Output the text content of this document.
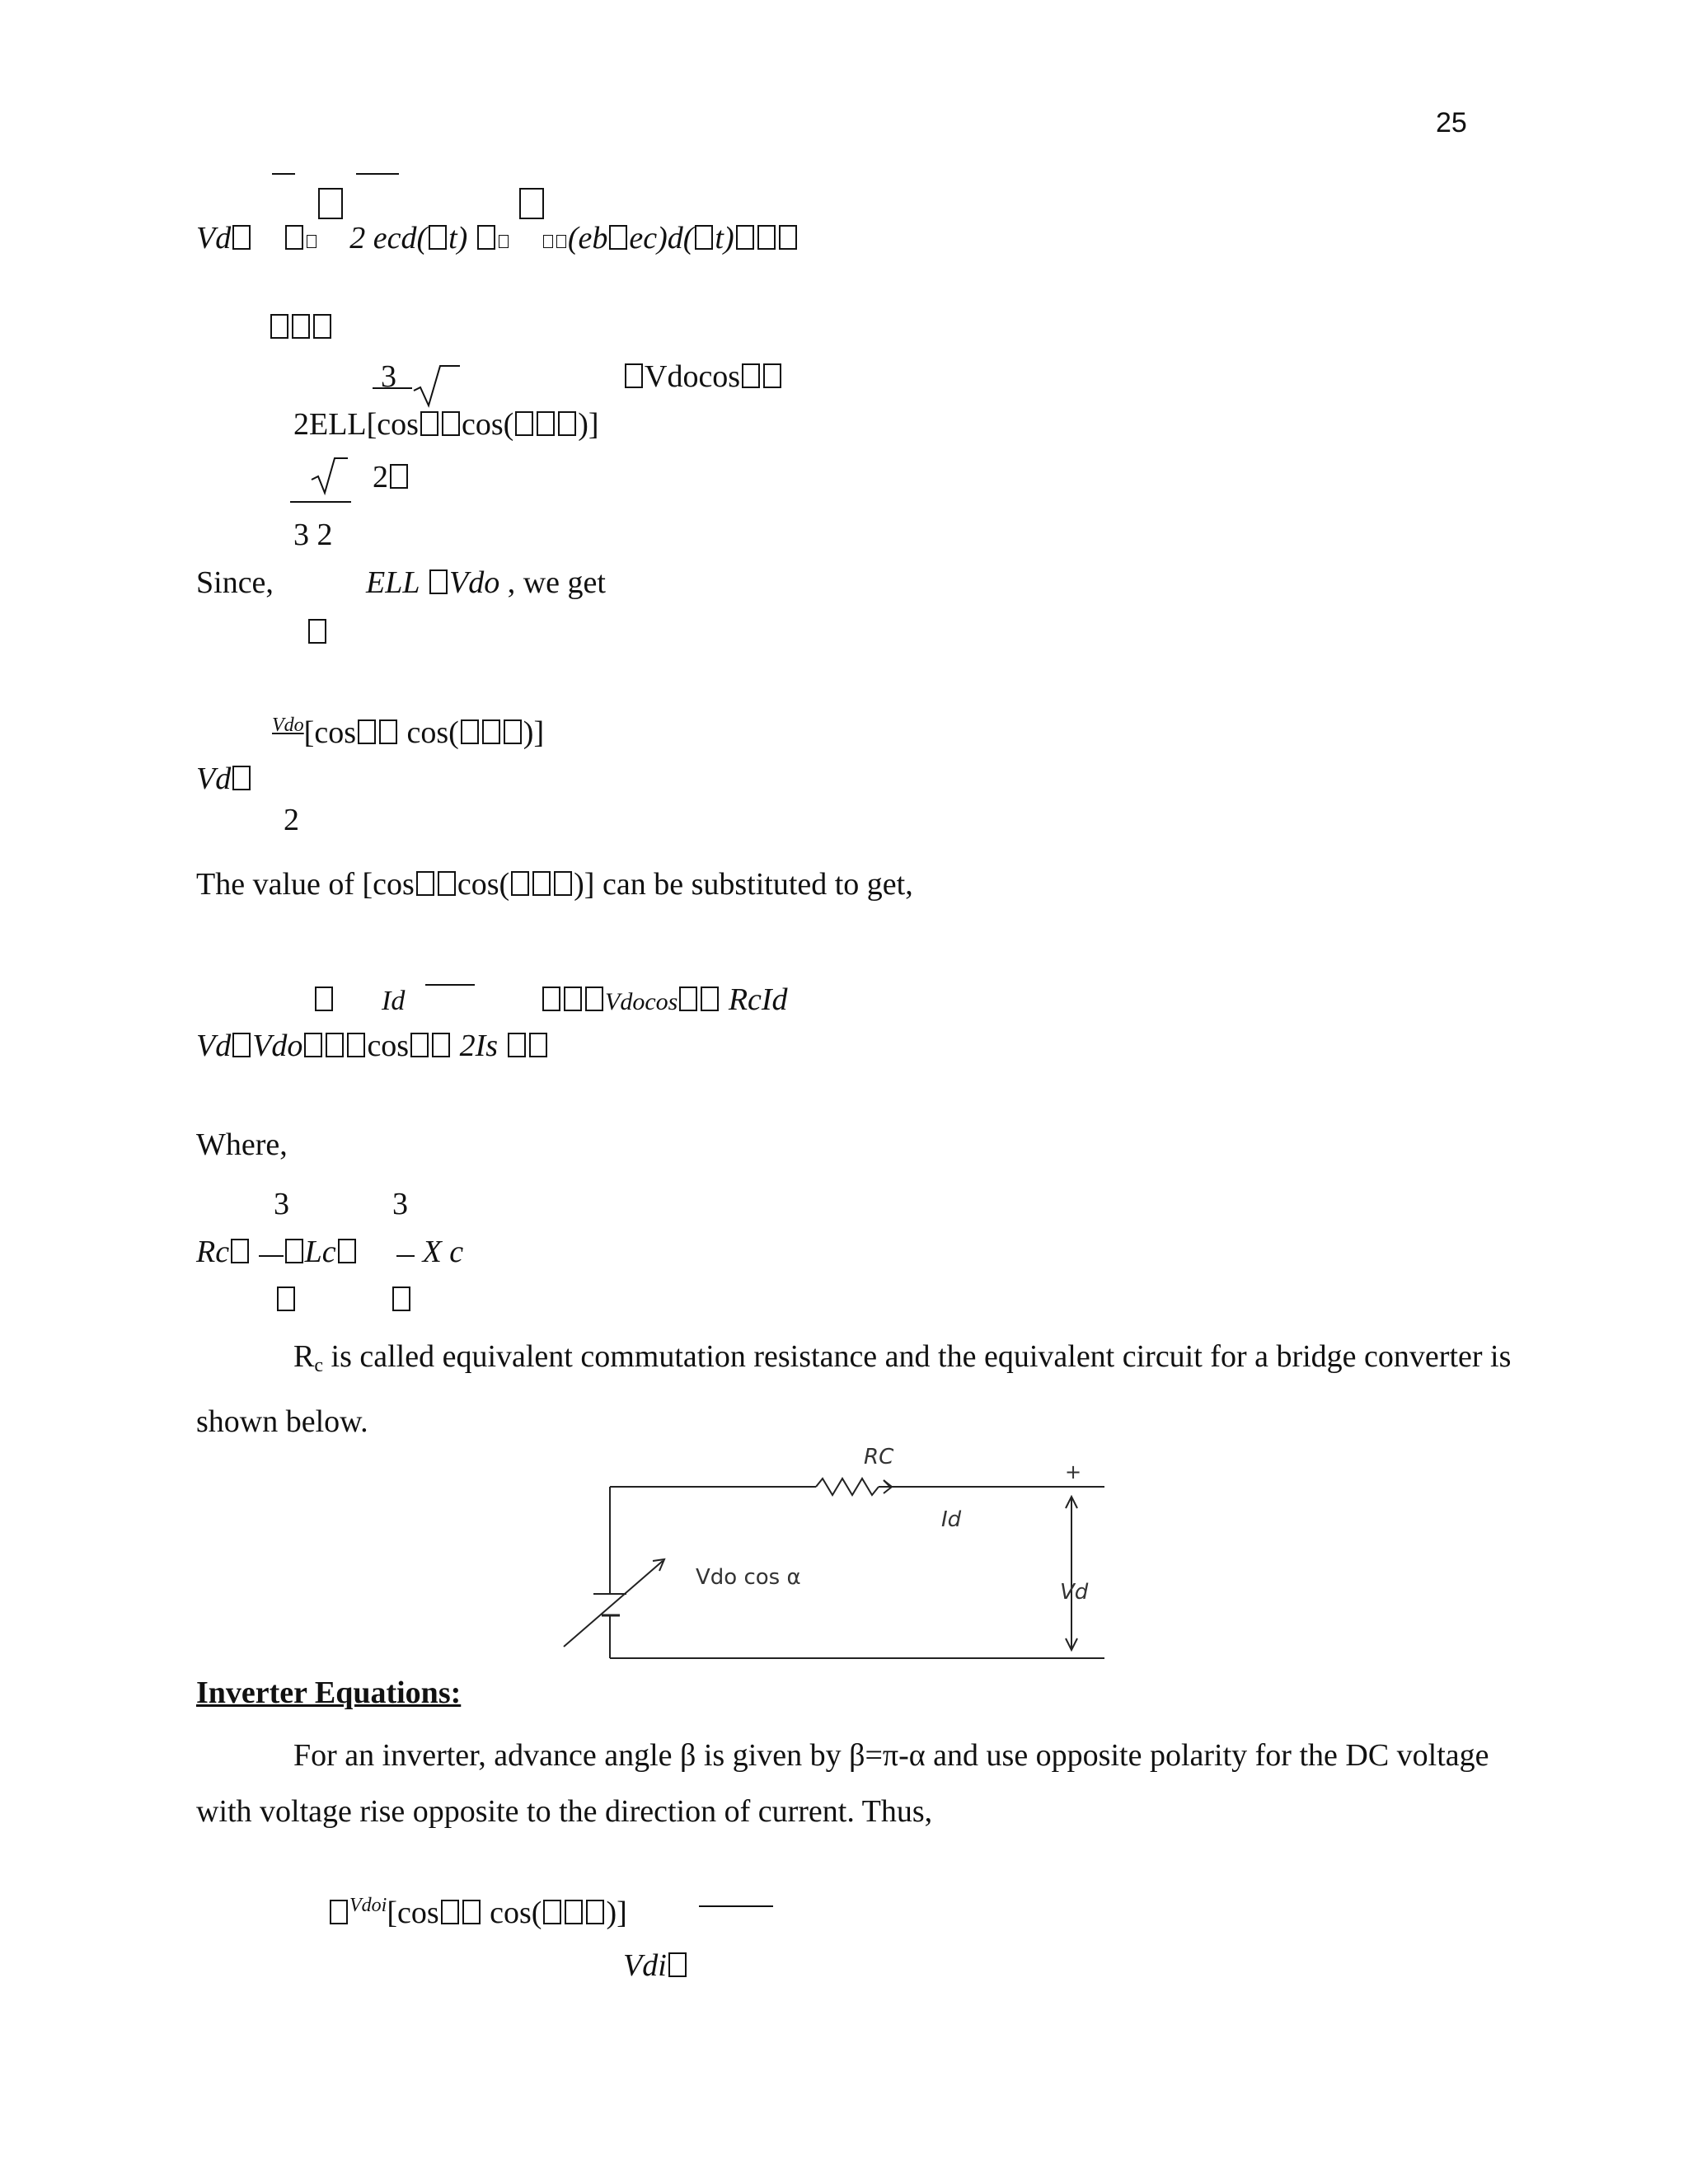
25
Vd	2 ecd( t)	(eb ec)d( t)
3	Vdocos
2ELL[cos cos( )]
2
3 2
Since,	ELL Vdo , we get
$^{Vdo}$[cos cos( )]
Vd
2
The value of [cos cos( )] can be substituted to get,
Id	Vdocos RcId
Vd Vdo cos 2Is
Where,
3	3
Rc Lc	X c
$R_c$ is called equivalent commutation resistance and the equivalent circuit for a bridge converter is shown below.
RC
+
Id
Vdo cos α
Vd
Inverter Equations:
For an inverter, advance angle β is given by β=π-α and use opposite polarity for the DC voltage with voltage rise opposite to the direction of current. Thus,
$^{Vdoi}$[cos cos( )]
Vdi
